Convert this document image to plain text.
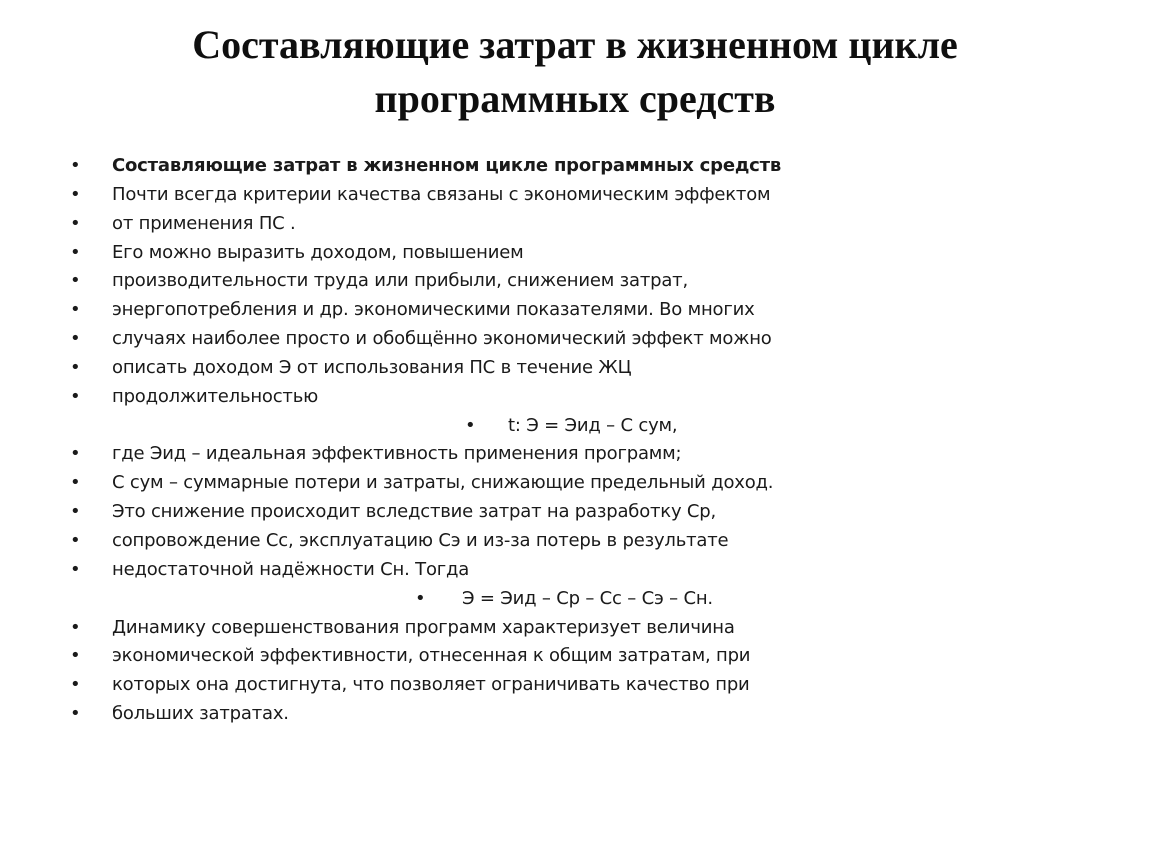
Составляющие затрат в жизненном цикле
программных средств
• Составляющие затрат в жизненном цикле программных средств
• Почти всегда критерии качества связаны с экономическим эффектом
• от применения ПС .
• Его можно выразить доходом, повышением
• производительности труда или прибыли, снижением затрат,
• энергопотребления и др. экономическими показателями. Во многих
• случаях наиболее просто и обобщённо экономический эффект можно
• описать доходом Э от использования ПС в течение ЖЦ
• продолжительностью
• t: Э = Эид – С сум,
• где Эид – идеальная эффективность применения программ;
• С сум – суммарные потери и затраты, снижающие предельный доход.
• Это снижение происходит вследствие затрат на разработку Ср,
• сопровождение Сс, эксплуатацию Сэ и из-за потерь в результате
• недостаточной надёжности Сн. Тогда
• Э = Эид – Ср – Сс – Сэ – Сн.
• Динамику совершенствования программ характеризует величина
• экономической эффективности, отнесенная к общим затратам, при
• которых она достигнута, что позволяет ограничивать качество при
• больших затратах.
